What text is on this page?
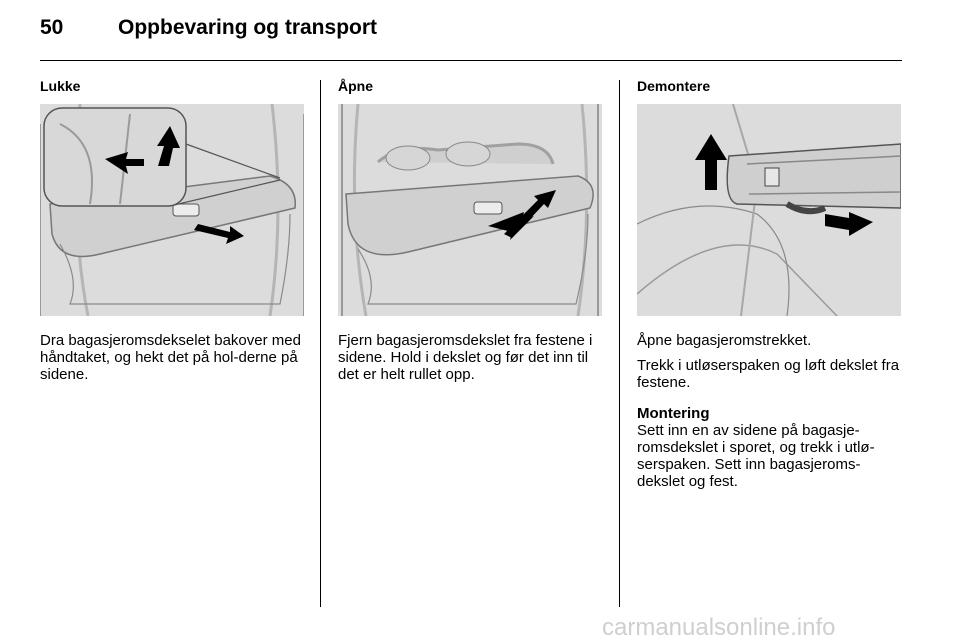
50	Oppbevaring og transport
Lukke

Dra bagasjeromsdekselet bakover med håndtaket, og hekt det på hol-derne på sidene.

Åpne

Fjern bagasjeromsdekslet fra festene i sidene. Hold i dekslet og før det inn til det er helt rullet opp.

Demontere

Åpne bagasjeromstrekket.

Trekk i utløserspaken og løft dekslet fra festene.

Montering

Sett inn en av sidene på bagasje-romsdekslet i sporet, og trekk i utlø-serspaken. Sett inn bagasjeroms-dekslet og fest.

carmanualsonline.info
